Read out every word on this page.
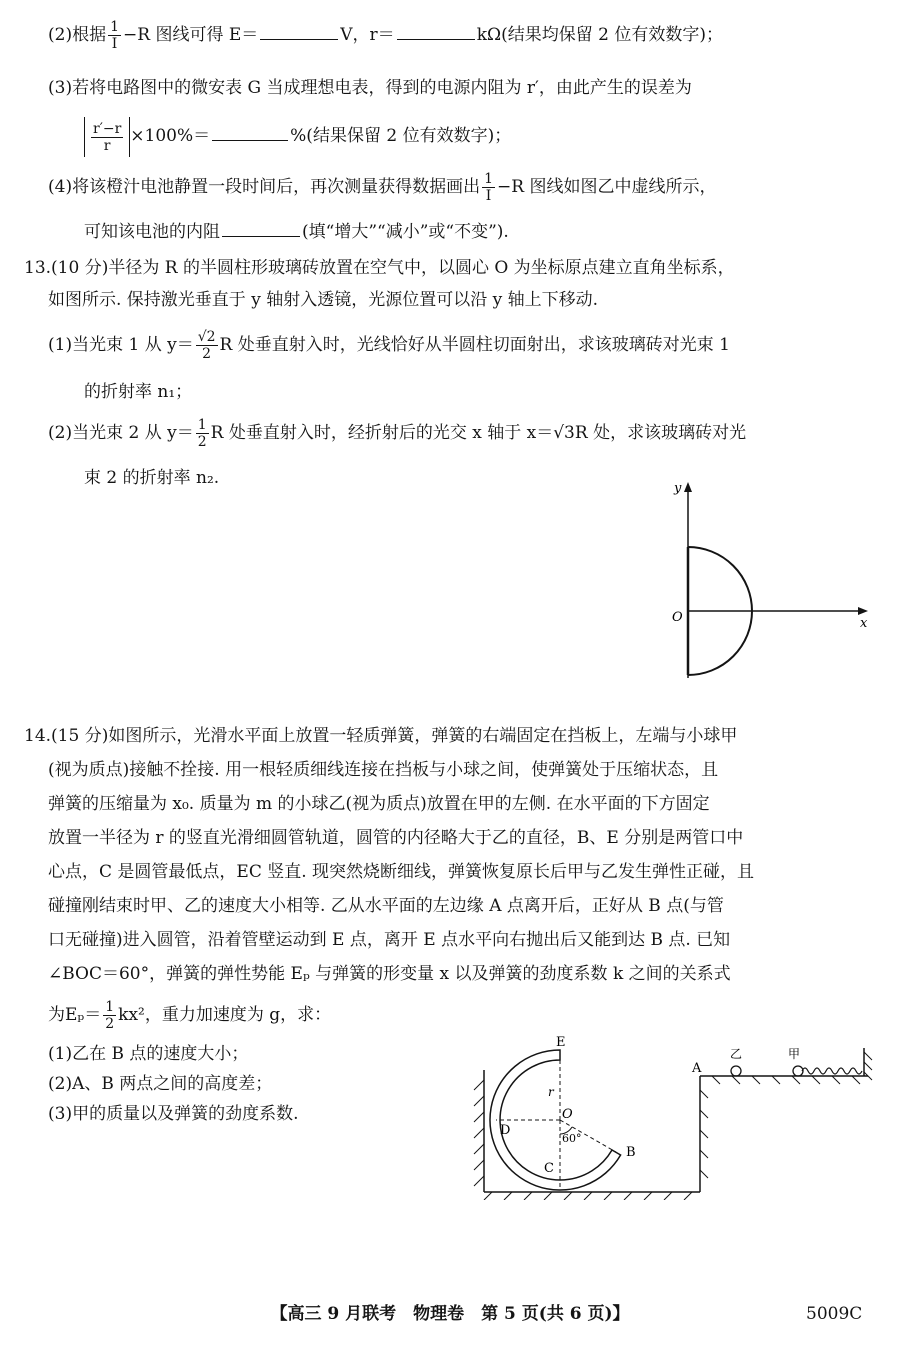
(2)根据 $\frac{1}{I} -R$ 图线可得 E＝	V，r＝	kΩ(结果均保留 2 位有效数字)；
(3)若将电路图中的微安表 G 当成理想电表，得到的电源内阻为 r′，由此产生的误差为
$\frac{r'-r}{r} \times 100\%=$	%(结果保留 2 位有效数字)；
(4)将该橙汁电池静置一段时间后，再次测量获得数据画出 $\frac{1}{I} -R$ 图线如图乙中虚线所示，
可知该电池的内阻	(填“增大”“减小”或“不变”).
13.(10 分)半径为 R 的半圆柱形玻璃砖放置在空气中，以圆心 O 为坐标原点建立直角坐标系，
如图所示. 保持激光垂直于 y 轴射入透镜，光源位置可以沿 y 轴上下移动.
(1)当光束 1 从 $y= \frac{√2}{2}$ R 处垂直射入时，光线恰好从半圆柱切面射出，求该玻璃砖对光束 1
的折射率 n₁；
(2)当光束 2 从 $y= \frac{1}{2}$ R 处垂直射入时，经折射后的光交 x 轴于 x＝√3R 处，求该玻璃砖对光
束 2 的折射率 n₂.
y
x
O
14.(15 分)如图所示，光滑水平面上放置一轻质弹簧，弹簧的右端固定在挡板上，左端与小球甲
(视为质点)接触不拴接. 用一根轻质细线连接在挡板与小球之间，使弹簧处于压缩状态，且
弹簧的压缩量为 x₀. 质量为 m 的小球乙(视为质点)放置在甲的左侧. 在水平面的下方固定
放置一半径为 r 的竖直光滑细圆管轨道，圆管的内径略大于乙的直径，B、E 分别是两管口中
心点，C 是圆管最低点，EC 竖直. 现突然烧断细线，弹簧恢复原长后甲与乙发生弹性正碰，且
碰撞刚结束时甲、乙的速度大小相等. 乙从水平面的左边缘 A 点离开后，正好从 B 点(与管
口无碰撞)进入圆管，沿着管壁运动到 E 点，离开 E 点水平向右抛出后又能到达 B 点. 已知
∠BOC＝60°，弹簧的弹性势能 Eₚ 与弹簧的形变量 x 以及弹簧的劲度系数 k 之间的关系式
为$E_p= \frac{1}{2} kx^2$，重力加速度为 g，求：
(1)乙在 B 点的速度大小；
(2)A、B 两点之间的高度差；
(3)甲的质量以及弹簧的劲度系数.
E
D
O
r
60°
C
B
A
乙	甲
【高三 9 月联考　物理卷　第 5 页(共 6 页)】	5009C
